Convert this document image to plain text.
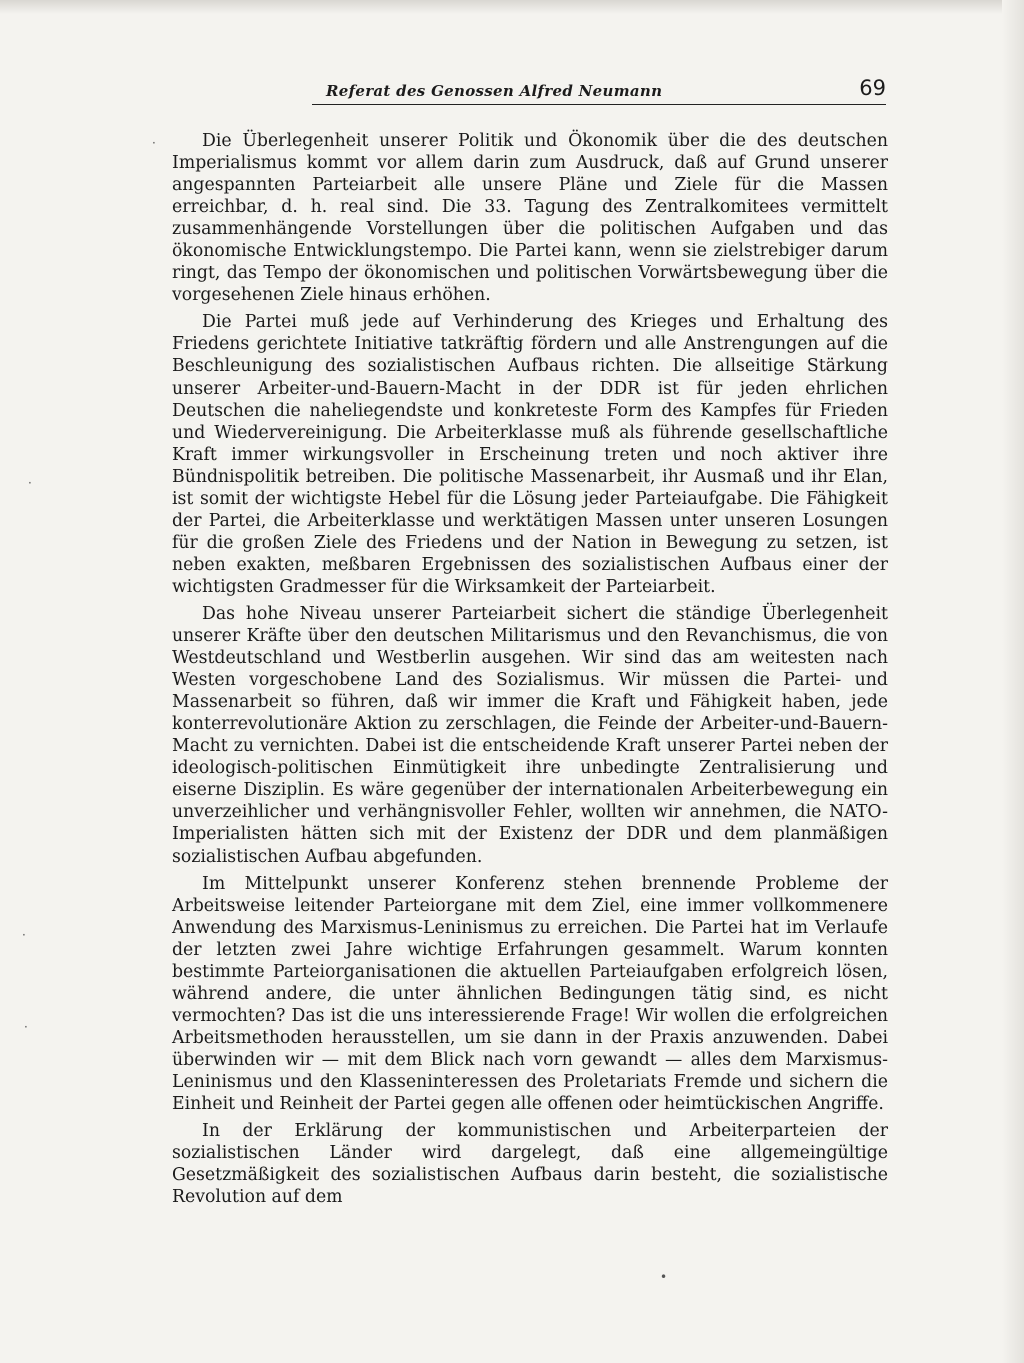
Referat des Genossen Alfred Neumann	69

Die Überlegenheit unserer Politik und Ökonomik über die des deutschen Imperialismus kommt vor allem darin zum Ausdruck, daß auf Grund unserer angespannten Parteiarbeit alle unsere Pläne und Ziele für die Massen erreichbar, d. h. real sind. Die 33. Tagung des Zentralkomitees vermittelt zusammenhängende Vorstellungen über die politischen Aufgaben und das ökonomische Entwicklungstempo. Die Partei kann, wenn sie zielstrebiger darum ringt, das Tempo der ökonomischen und politischen Vorwärtsbewegung über die vorgesehenen Ziele hinaus erhöhen.

Die Partei muß jede auf Verhinderung des Krieges und Erhaltung des Friedens gerichtete Initiative tatkräftig fördern und alle Anstrengungen auf die Beschleunigung des sozialistischen Aufbaus richten. Die allseitige Stärkung unserer Arbeiter-und-Bauern-Macht in der DDR ist für jeden ehrlichen Deutschen die naheliegendste und konkreteste Form des Kampfes für Frieden und Wiedervereinigung. Die Arbeiterklasse muß als führende gesellschaftliche Kraft immer wirkungsvoller in Erscheinung treten und noch aktiver ihre Bündnispolitik betreiben. Die politische Massenarbeit, ihr Ausmaß und ihr Elan, ist somit der wichtigste Hebel für die Lösung jeder Parteiaufgabe. Die Fähigkeit der Partei, die Arbeiterklasse und werktätigen Massen unter unseren Losungen für die großen Ziele des Friedens und der Nation in Bewegung zu setzen, ist neben exakten, meßbaren Ergebnissen des sozialistischen Aufbaus einer der wichtigsten Gradmesser für die Wirksamkeit der Parteiarbeit.

Das hohe Niveau unserer Parteiarbeit sichert die ständige Überlegenheit unserer Kräfte über den deutschen Militarismus und den Revanchismus, die von Westdeutschland und Westberlin ausgehen. Wir sind das am weitesten nach Westen vorgeschobene Land des Sozialismus. Wir müssen die Partei- und Massenarbeit so führen, daß wir immer die Kraft und Fähigkeit haben, jede konterrevolutionäre Aktion zu zerschlagen, die Feinde der Arbeiter-und-Bauern-Macht zu vernichten. Dabei ist die entscheidende Kraft unserer Partei neben der ideologisch-politischen Einmütigkeit ihre unbedingte Zentralisierung und eiserne Disziplin. Es wäre gegenüber der internationalen Arbeiterbewegung ein unverzeihlicher und verhängnisvoller Fehler, wollten wir annehmen, die NATO-Imperialisten hätten sich mit der Existenz der DDR und dem planmäßigen sozialistischen Aufbau abgefunden.

Im Mittelpunkt unserer Konferenz stehen brennende Probleme der Arbeitsweise leitender Parteiorgane mit dem Ziel, eine immer vollkommenere Anwendung des Marxismus-Leninismus zu erreichen. Die Partei hat im Verlaufe der letzten zwei Jahre wichtige Erfahrungen gesammelt. Warum konnten bestimmte Parteiorganisationen die aktuellen Parteiaufgaben erfolgreich lösen, während andere, die unter ähnlichen Bedingungen tätig sind, es nicht vermochten? Das ist die uns interessierende Frage! Wir wollen die erfolgreichen Arbeitsmethoden herausstellen, um sie dann in der Praxis anzuwenden. Dabei überwinden wir — mit dem Blick nach vorn gewandt — alles dem Marxismus-Leninismus und den Klasseninteressen des Proletariats Fremde und sichern die Einheit und Reinheit der Partei gegen alle offenen oder heimtückischen Angriffe.

In der Erklärung der kommunistischen und Arbeiterparteien der sozialistischen Länder wird dargelegt, daß eine allgemeingültige Gesetzmäßigkeit des sozialistischen Aufbaus darin besteht, die sozialistische Revolution auf dem

·
·
·
·
•
